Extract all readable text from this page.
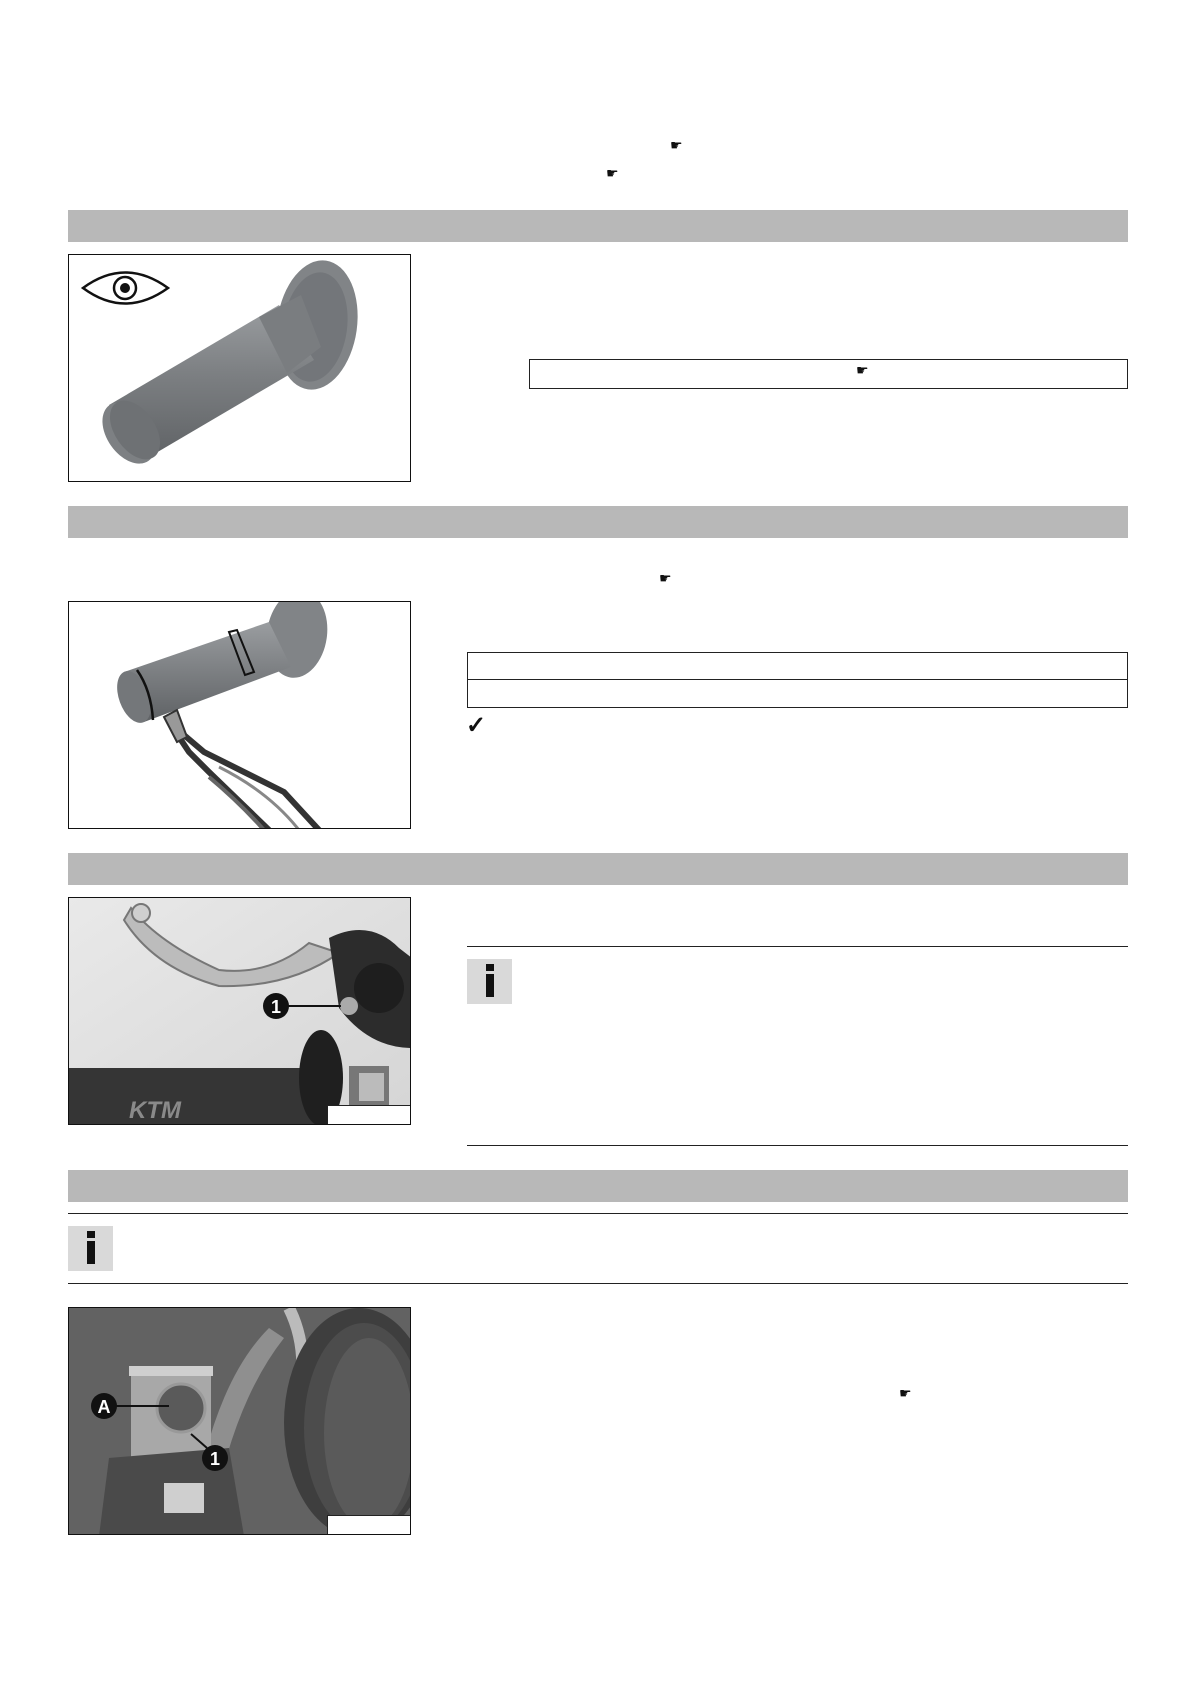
☛
☛
☛
☛
✓
1
KTM
A
1
☛
